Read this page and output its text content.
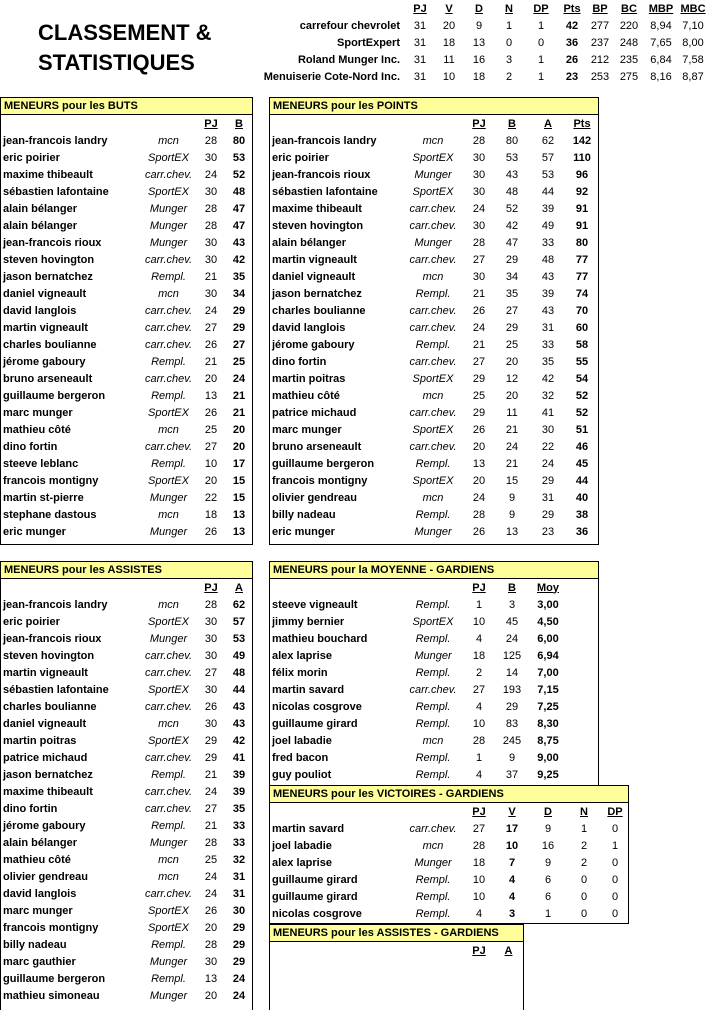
CLASSEMENT &
STATISTIQUES
	PJ	V	D	N	DP	Pts	BP	BC	MBP	MBC
carrefour chevrolet	31	20	9	1	1	42	277	220	8,94	7,10
SportExpert	31	18	13	0	0	36	237	248	7,65	8,00
Roland Munger Inc.	31	11	16	3	1	26	212	235	6,84	7,58
Menuiserie Cote-Nord Inc.	31	10	18	2	1	23	253	275	8,16	8,87
MENEURS pour les BUTS
		PJ	B
jean-francois landry	mcn	28	80
eric poirier	SportEX	30	53
maxime thibeault	carr.chev.	24	52
sébastien lafontaine	SportEX	30	48
alain bélanger	Munger	28	47
alain bélanger	Munger	28	47
jean-francois rioux	Munger	30	43
steven hovington	carr.chev.	30	42
jason bernatchez	Rempl.	21	35
daniel vigneault	mcn	30	34
david langlois	carr.chev.	24	29
martin vigneault	carr.chev.	27	29
charles boulianne	carr.chev.	26	27
jérome gaboury	Rempl.	21	25
bruno arseneault	carr.chev.	20	24
guillaume bergeron	Rempl.	13	21
marc munger	SportEX	26	21
mathieu côté	mcn	25	20
dino fortin	carr.chev.	27	20
steeve leblanc	Rempl.	10	17
francois montigny	SportEX	20	15
martin st-pierre	Munger	22	15
stephane dastous	mcn	18	13
eric munger	Munger	26	13
MENEURS pour les POINTS
		PJ	B	A	Pts
jean-francois landry	mcn	28	80	62	142
eric poirier	SportEX	30	53	57	110
jean-francois rioux	Munger	30	43	53	96
sébastien lafontaine	SportEX	30	48	44	92
maxime thibeault	carr.chev.	24	52	39	91
steven hovington	carr.chev.	30	42	49	91
alain bélanger	Munger	28	47	33	80
martin vigneault	carr.chev.	27	29	48	77
daniel vigneault	mcn	30	34	43	77
jason bernatchez	Rempl.	21	35	39	74
charles boulianne	carr.chev.	26	27	43	70
david langlois	carr.chev.	24	29	31	60
jérome gaboury	Rempl.	21	25	33	58
dino fortin	carr.chev.	27	20	35	55
martin poitras	SportEX	29	12	42	54
mathieu côté	mcn	25	20	32	52
patrice michaud	carr.chev.	29	11	41	52
marc munger	SportEX	26	21	30	51
bruno arseneault	carr.chev.	20	24	22	46
guillaume bergeron	Rempl.	13	21	24	45
francois montigny	SportEX	20	15	29	44
olivier gendreau	mcn	24	9	31	40
billy nadeau	Rempl.	28	9	29	38
eric munger	Munger	26	13	23	36
MENEURS pour les ASSISTES
		PJ	A
jean-francois landry	mcn	28	62
eric poirier	SportEX	30	57
jean-francois rioux	Munger	30	53
steven hovington	carr.chev.	30	49
martin vigneault	carr.chev.	27	48
sébastien lafontaine	SportEX	30	44
charles boulianne	carr.chev.	26	43
daniel vigneault	mcn	30	43
martin poitras	SportEX	29	42
patrice michaud	carr.chev.	29	41
jason bernatchez	Rempl.	21	39
maxime thibeault	carr.chev.	24	39
dino fortin	carr.chev.	27	35
jérome gaboury	Rempl.	21	33
alain bélanger	Munger	28	33
mathieu côté	mcn	25	32
olivier gendreau	mcn	24	31
david langlois	carr.chev.	24	31
marc munger	SportEX	26	30
francois montigny	SportEX	20	29
billy nadeau	Rempl.	28	29
marc gauthier	Munger	30	29
guillaume bergeron	Rempl.	13	24
mathieu simoneau	Munger	20	24
MENEURS pour la MOYENNE - GARDIENS
		PJ	B	Moy	
steeve vigneault	Rempl.	1	3	3,00	
jimmy bernier	SportEX	10	45	4,50	
mathieu bouchard	Rempl.	4	24	6,00	
alex laprise	Munger	18	125	6,94	
félix morin	Rempl.	2	14	7,00	
martin savard	carr.chev.	27	193	7,15	
nicolas cosgrove	Rempl.	4	29	7,25	
guillaume girard	Rempl.	10	83	8,30	
joel labadie	mcn	28	245	8,75	
fred bacon	Rempl.	1	9	9,00	
guy pouliot	Rempl.	4	37	9,25	
MENEURS pour les VICTOIRES - GARDIENS
		PJ	V	D	N	DP
martin savard	carr.chev.	27	17	9	1	0
joel labadie	mcn	28	10	16	2	1
alex laprise	Munger	18	7	9	2	0
guillaume girard	Rempl.	10	4	6	0	0
guillaume girard	Rempl.	10	4	6	0	0
nicolas cosgrove	Rempl.	4	3	1	0	0
MENEURS pour les ASSISTES - GARDIENS
		PJ	A
